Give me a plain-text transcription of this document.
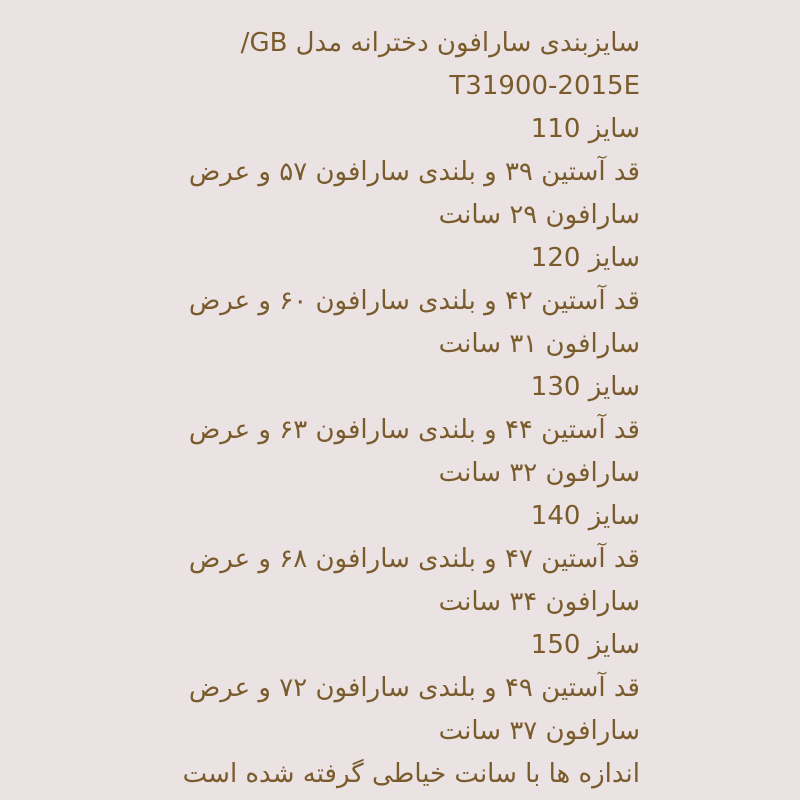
سایزبندی سارافون دخترانه مدل GB/
T31900-2015E
سایز 110
قد آستین ۳۹ و بلندی سارافون ۵۷ و عرض
سارافون ۲۹ سانت
سایز 120
قد آستین ۴۲ و بلندی سارافون ۶۰ و عرض
سارافون ۳۱ سانت
سایز 130
قد آستین ۴۴ و بلندی سارافون ۶۳ و عرض
سارافون ۳۲ سانت
سایز 140
قد آستین ۴۷ و بلندی سارافون ۶۸ و عرض
سارافون ۳۴ سانت
سایز 150
قد آستین ۴۹ و بلندی سارافون ۷۲ و عرض
سارافون ۳۷ سانت
اندازه ها با سانت خیاطی گرفته شده است
